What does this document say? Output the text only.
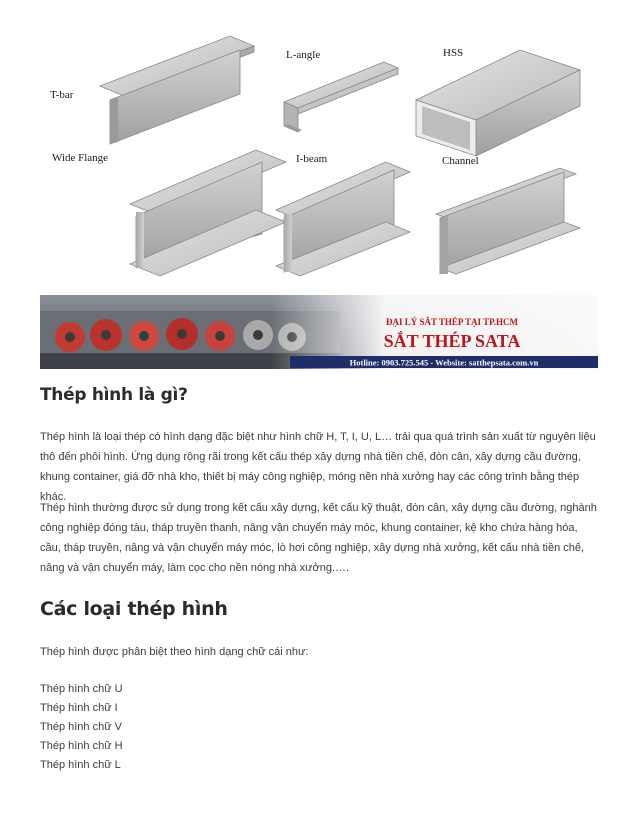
T-bar
L-angle	HSS
Wide Flange	I-beam	Channel
ĐẠI LÝ SẮT THÉP TẠI TP.HCM
SẮT THÉP SATA
Hotline: 0903.725.545 - Website: satthepsata.com.vn
Thép hình là gì?

Thép hình là loại thép có hình dạng đặc biệt như hình chữ H, T, I, U, L… trải qua quá trình sản xuất từ nguyên liệu thô đến phôi hình. Ứng dụng rộng rãi trong kết cấu thép xây dựng nhà tiền chế, đòn cân, xây dựng cầu đường, khung container, giá đỡ nhà kho, thiết bị máy công nghiệp, móng nền nhà xưởng hay các công trình bằng thép khác.

Thép hình thường được sử dụng trong kết cấu xây dựng, kết cấu kỹ thuật, đòn cân, xây dựng cầu đường, nghành công nghiệp đóng tàu, tháp truyền thanh, nâng vận chuyển máy móc, khung container, kệ kho chứa hàng hóa, cầu, tháp truyền, nâng và vận chuyển máy móc, lò hơi công nghiệp, xây dựng nhà xưởng, kết cấu nhà tiền chế, nâng và vận chuyển máy, làm cọc cho nền nóng nhà xưởng.….

Các loại thép hình

Thép hình được phân biệt theo hình dạng chữ cái như:

Thép hình chữ U
Thép hình chữ I
Thép hình chữ V
Thép hình chữ H
Thép hình chữ L
